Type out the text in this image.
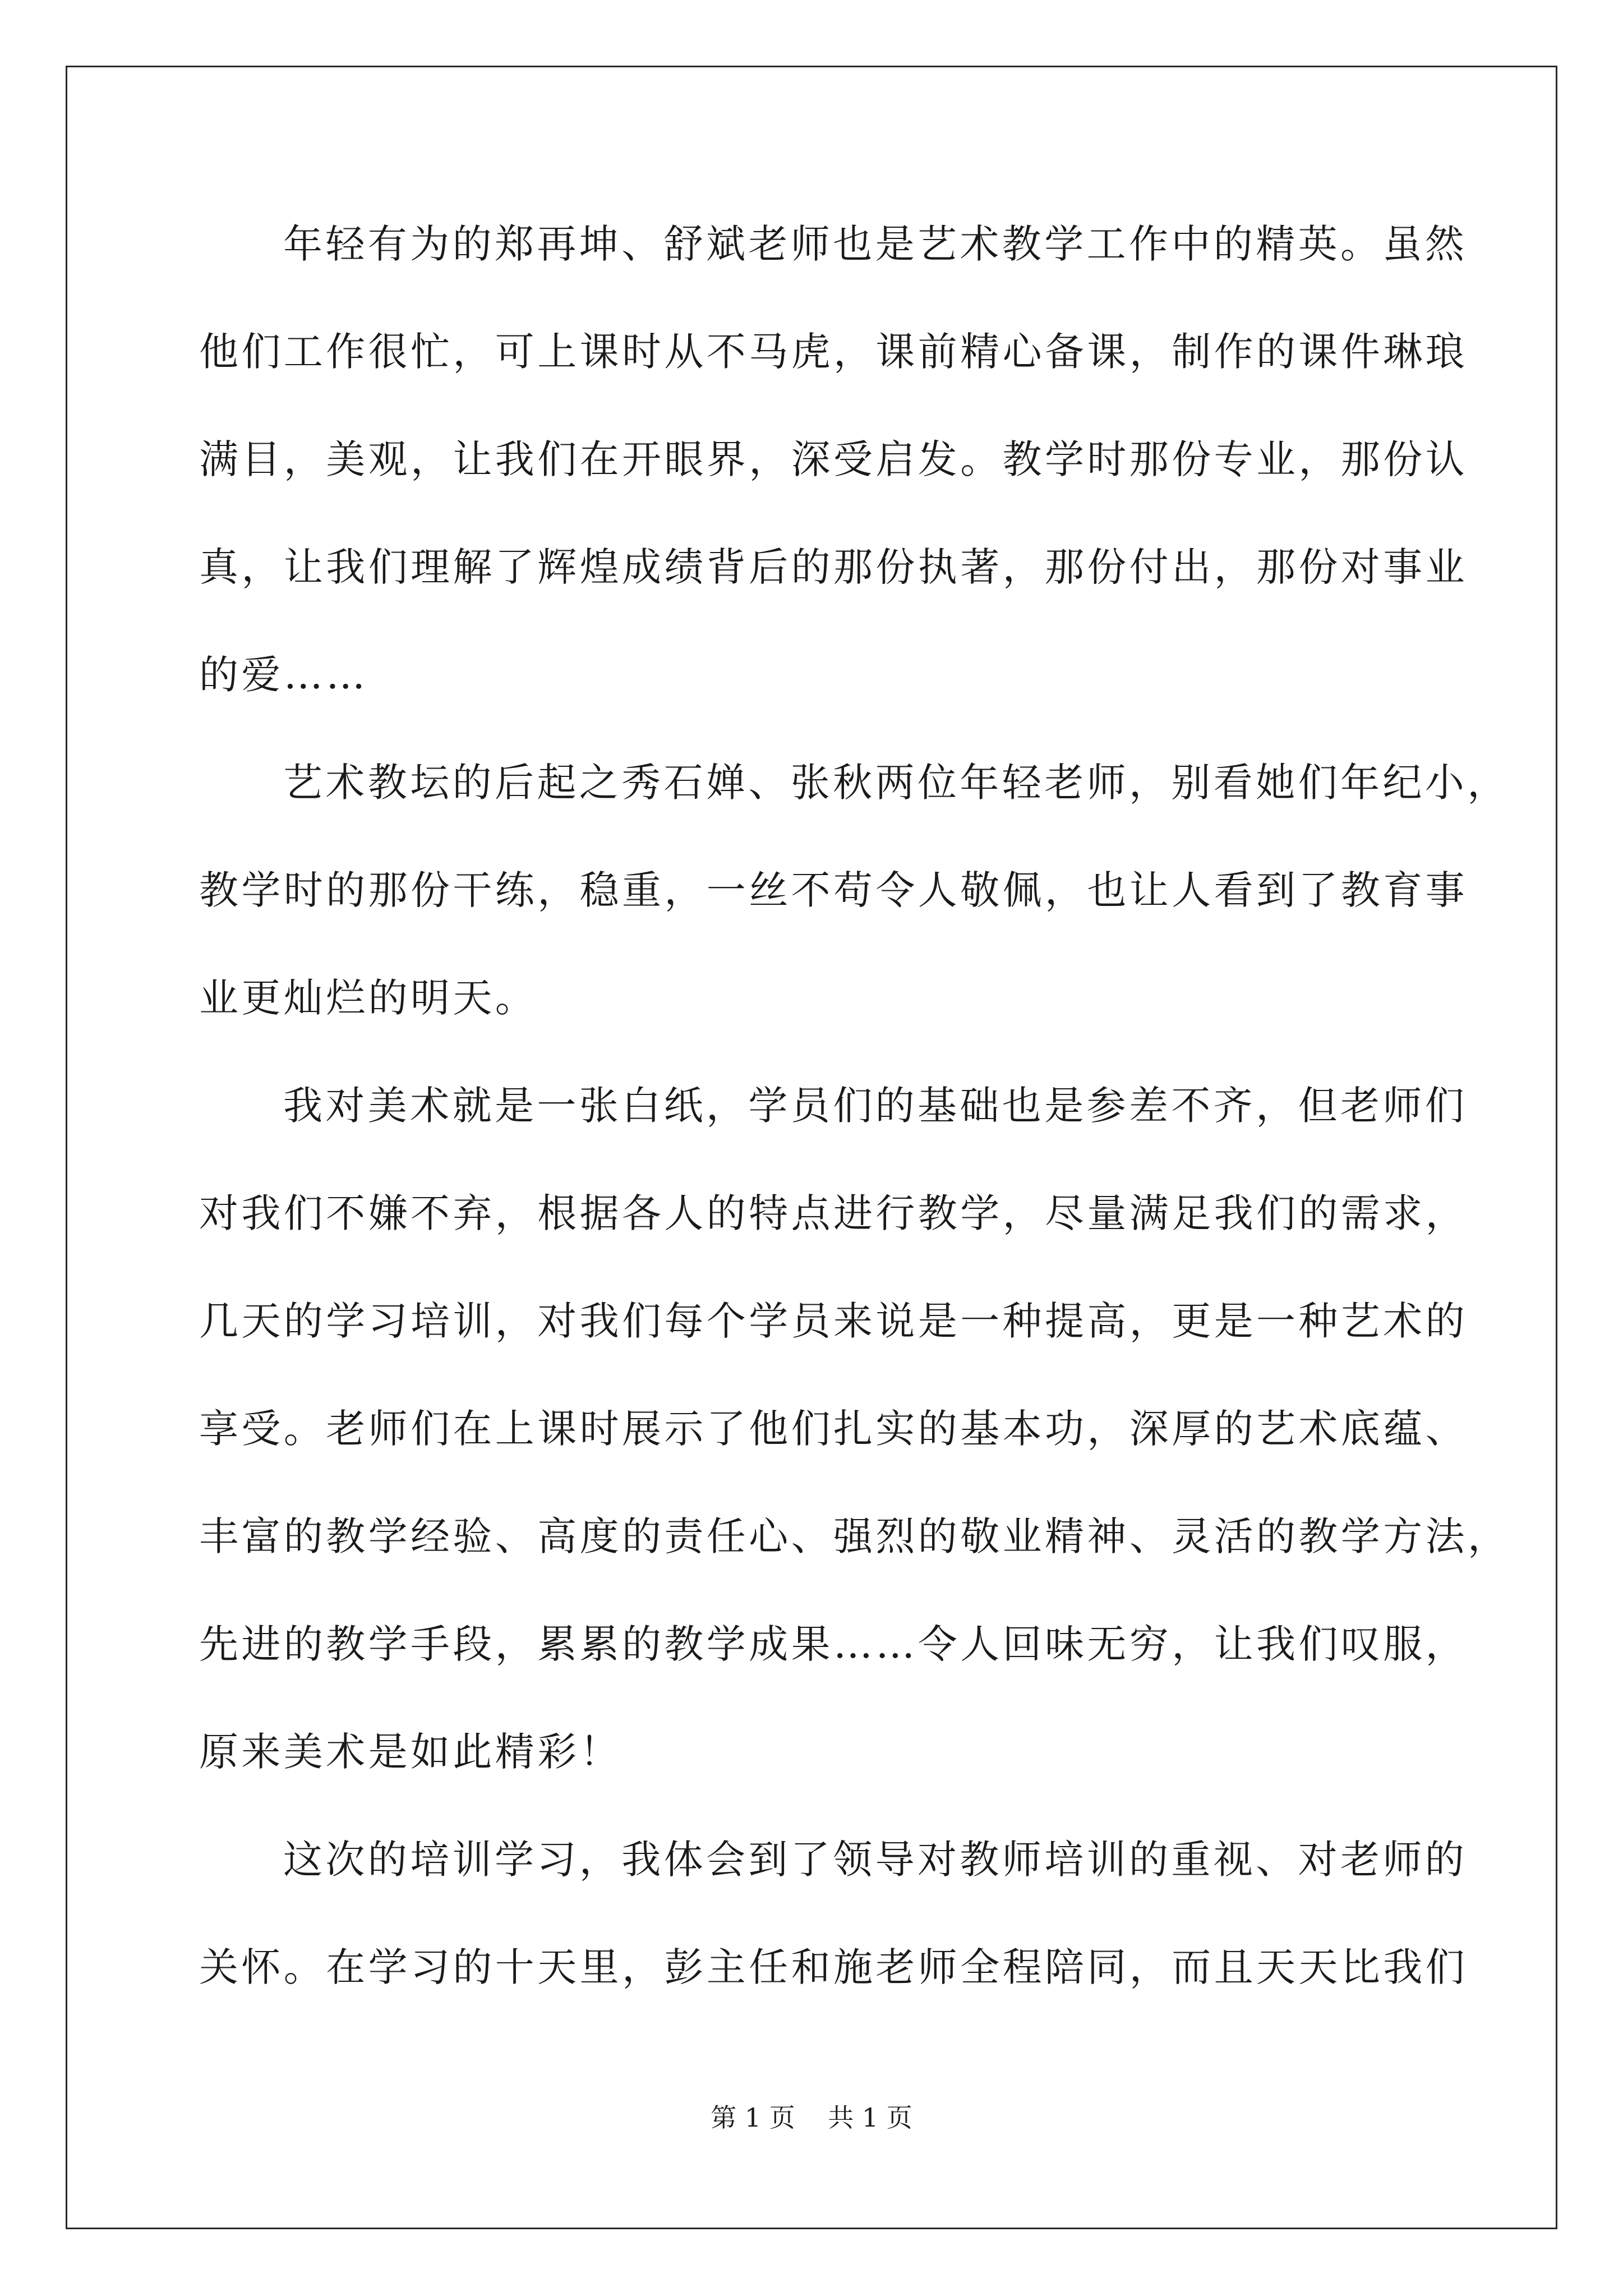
年轻有为的郑再坤、舒斌老师也是艺术教学工作中的精英。虽然

他们工作很忙，可上课时从不马虎，课前精心备课，制作的课件琳琅

满目，美观，让我们在开眼界，深受启发。教学时那份专业，那份认

真，让我们理解了辉煌成绩背后的那份执著，那份付出，那份对事业

的爱……

艺术教坛的后起之秀石婵、张秋两位年轻老师，别看她们年纪小，

教学时的那份干练，稳重，一丝不苟令人敬佩，也让人看到了教育事

业更灿烂的明天。

我对美术就是一张白纸，学员们的基础也是参差不齐，但老师们

对我们不嫌不弃，根据各人的特点进行教学，尽量满足我们的需求，

几天的学习培训，对我们每个学员来说是一种提高，更是一种艺术的

享受。老师们在上课时展示了他们扎实的基本功，深厚的艺术底蕴、

丰富的教学经验、高度的责任心、强烈的敬业精神、灵活的教学方法，

先进的教学手段，累累的教学成果……令人回味无穷，让我们叹服，

原来美术是如此精彩！

这次的培训学习，我体会到了领导对教师培训的重视、对老师的

关怀。在学习的十天里，彭主任和施老师全程陪同，而且天天比我们

第 1 页    共 1 页
